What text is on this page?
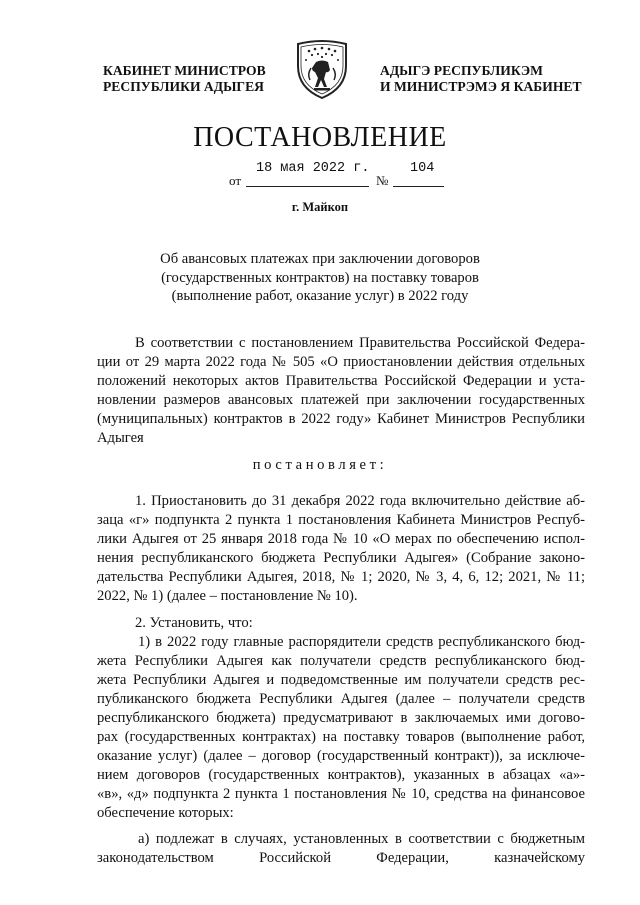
КАБИНЕТ МИНИСТРОВ
РЕСПУБЛИКИ АДЫГЕЯ
АДЫГЭ РЕСПУБЛИКЭМ
И МИНИСТРЭМЭ Я КАБИНЕТ
ПОСТАНОВЛЕНИЕ
от
18 мая 2022 г.
№
104
г. Майкоп
Об авансовых платежах при заключении договоров
(государственных контрактов) на поставку товаров
(выполнение работ, оказание услуг) в 2022 году
В соответствии с постановлением Правительства Российской Федера-
ции от 29 марта 2022 года № 505 «О приостановлении действия отдельных
положений некоторых актов Правительства Российской Федерации и уста-
новлении размеров авансовых платежей при заключении государственных
(муниципальных) контрактов в 2022 году» Кабинет Министров Республики
Адыгея
постановляет:
1. Приостановить до 31 декабря 2022 года включительно действие аб-
заца «г» подпункта 2 пункта 1 постановления Кабинета Министров Респуб-
лики Адыгея от 25 января 2018 года № 10 «О мерах по обеспечению испол-
нения республиканского бюджета Республики Адыгея» (Собрание законо-
дательства Республики Адыгея, 2018, № 1; 2020, № 3, 4, 6, 12; 2021, № 11;
2022, № 1) (далее – постановление № 10).
2. Установить, что:
1) в 2022 году главные распорядители средств республиканского бюд-
жета Республики Адыгея как получатели средств республиканского бюд-
жета Республики Адыгея и подведомственные им получатели средств рес-
публиканского бюджета Республики Адыгея (далее – получатели средств
республиканского бюджета) предусматривают в заключаемых ими догово-
рах (государственных контрактах) на поставку товаров (выполнение работ,
оказание услуг) (далее – договор (государственный контракт)), за исключе-
нием договоров (государственных контрактов), указанных в абзацах «а»-
«в», «д» подпункта 2 пункта 1 постановления № 10, средства на финансовое
обеспечение которых:
а) подлежат в случаях, установленных в соответствии с бюджетным
законодательством Российской Федерации, казначейскому
